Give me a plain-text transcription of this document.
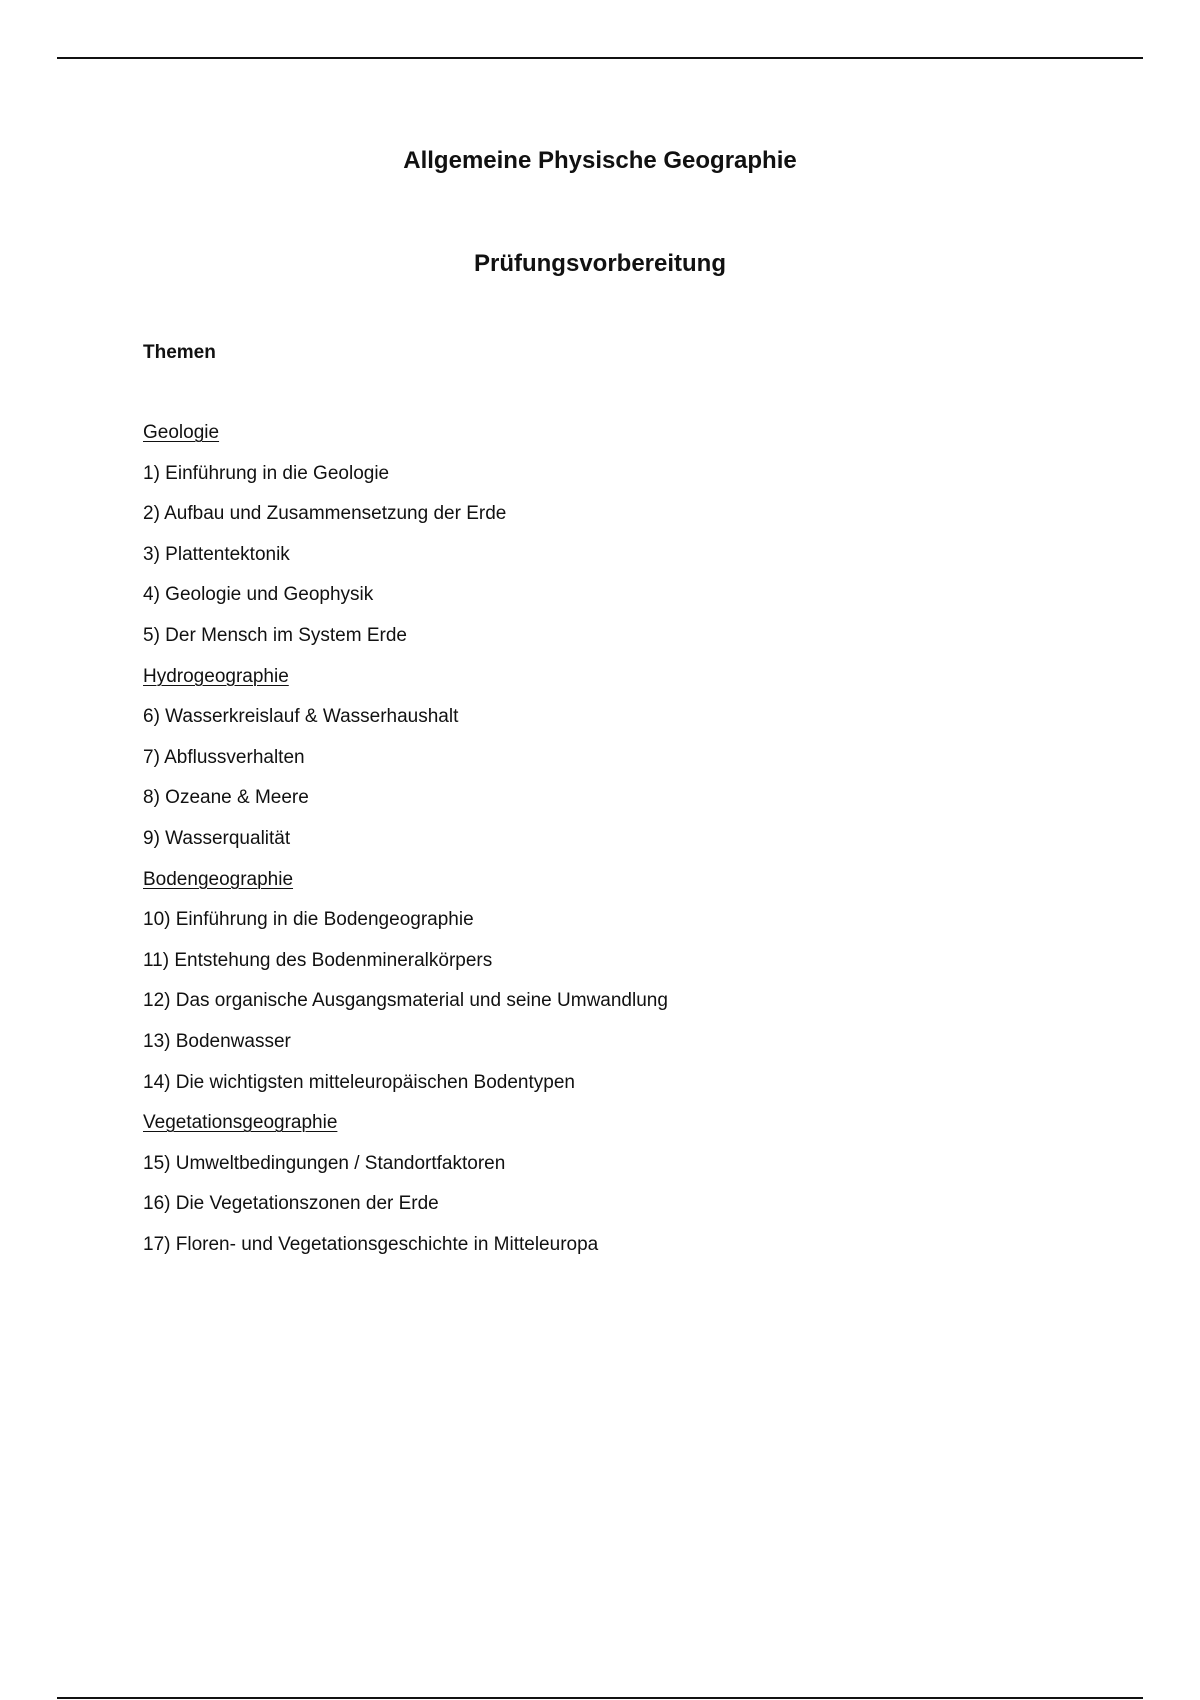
Allgemeine Physische Geographie
Prüfungsvorbereitung

Themen

Geologie
1) Einführung in die Geologie
2) Aufbau und Zusammensetzung der Erde
3) Plattentektonik
4) Geologie und Geophysik
5) Der Mensch im System Erde
Hydrogeographie
6) Wasserkreislauf & Wasserhaushalt
7) Abflussverhalten
8) Ozeane & Meere
9) Wasserqualität
Bodengeographie
10) Einführung in die Bodengeographie
11) Entstehung des Bodenmineralkörpers
12) Das organische Ausgangsmaterial und seine Umwandlung
13) Bodenwasser
14) Die wichtigsten mitteleuropäischen Bodentypen
Vegetationsgeographie
15) Umweltbedingungen / Standortfaktoren
16) Die Vegetationszonen der Erde
17) Floren- und Vegetationsgeschichte in Mitteleuropa
